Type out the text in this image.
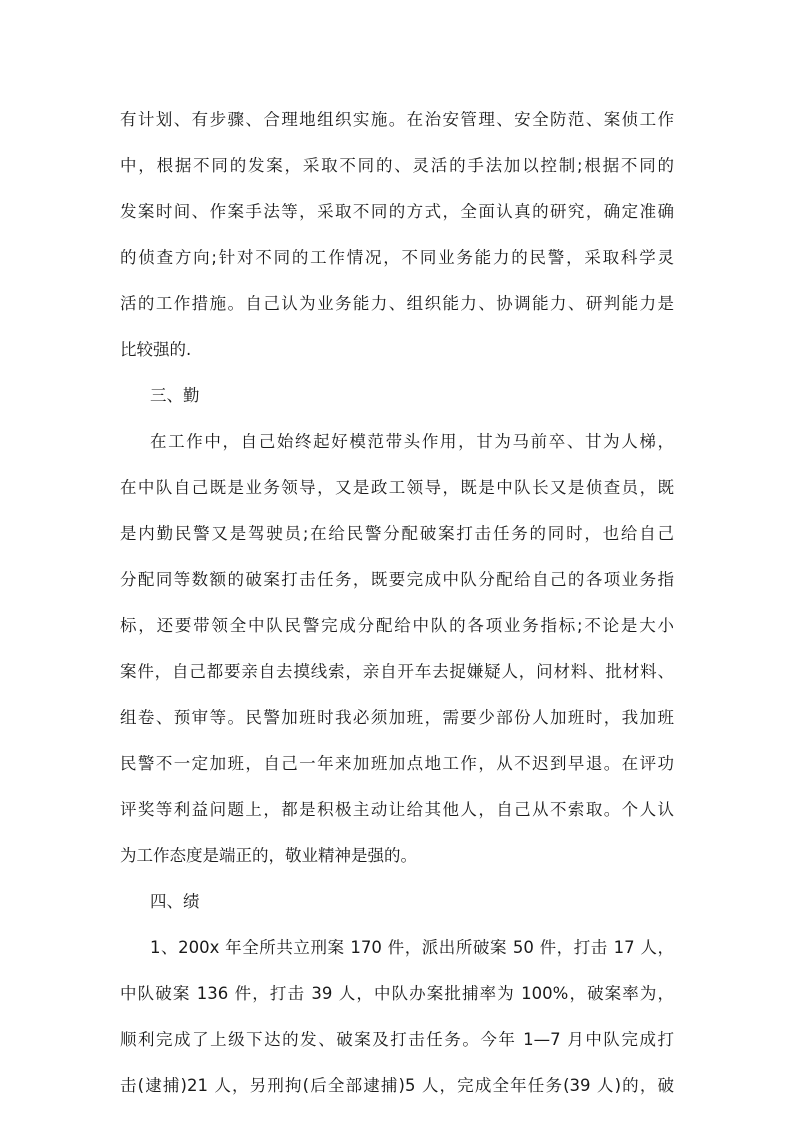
有计划、有步骤、合理地组织实施。在治安管理、安全防范、案侦工作
中，根据不同的发案，采取不同的、灵活的手法加以控制;根据不同的
发案时间、作案手法等，采取不同的方式，全面认真的研究，确定准确
的侦查方向;针对不同的工作情况，不同业务能力的民警，采取科学灵
活的工作措施。自己认为业务能力、组织能力、协调能力、研判能力是
比较强的.
三、勤
在工作中，自己始终起好模范带头作用，甘为马前卒、甘为人梯，
在中队自己既是业务领导，又是政工领导，既是中队长又是侦查员，既
是内勤民警又是驾驶员;在给民警分配破案打击任务的同时，也给自己
分配同等数额的破案打击任务，既要完成中队分配给自己的各项业务指
标，还要带领全中队民警完成分配给中队的各项业务指标;不论是大小
案件，自己都要亲自去摸线索，亲自开车去捉嫌疑人，问材料、批材料、
组卷、预审等。民警加班时我必须加班，需要少部份人加班时，我加班
民警不一定加班，自己一年来加班加点地工作，从不迟到早退。在评功
评奖等利益问题上，都是积极主动让给其他人，自己从不索取。个人认
为工作态度是端正的，敬业精神是强的。
四、绩
1、200x 年全所共立刑案 170 件，派出所破案 50 件，打击 17 人，
中队破案 136 件，打击 39 人，中队办案批捕率为 100%，破案率为，
顺利完成了上级下达的发、破案及打击任务。今年 1—7 月中队完成打
击(逮捕)21 人，另刑拘(后全部逮捕)5 人，完成全年任务(39 人)的，破
